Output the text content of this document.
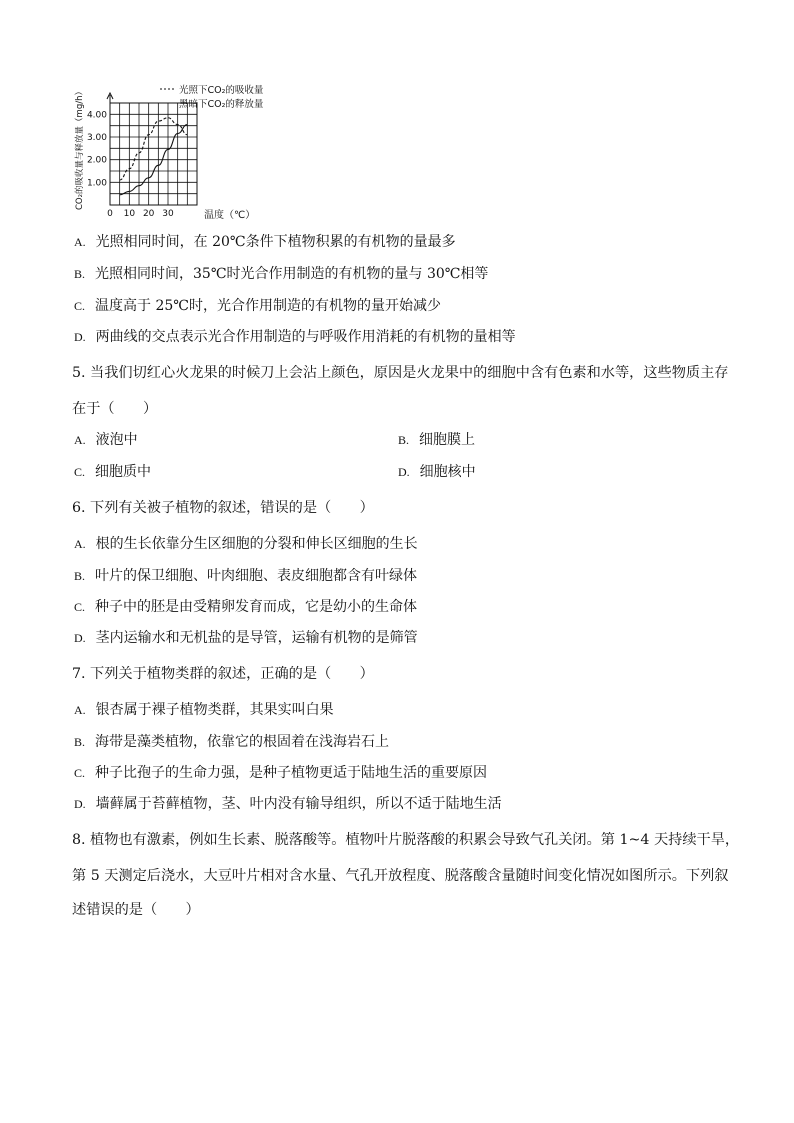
1.00
2.00
3.00
4.00
0 10 20 30
光照下CO₂的吸收量
黑暗下CO₂的释放量
温度（℃）
CO₂的吸收量与释放量（mg/h）
A. 光照相同时间，在 20℃条件下植物积累的有机物的量最多
B. 光照相同时间，35℃时光合作用制造的有机物的量与 30℃相等
C. 温度高于 25℃时，光合作用制造的有机物的量开始减少
D. 两曲线的交点表示光合作用制造的与呼吸作用消耗的有机物的量相等
5. 当我们切红心火龙果的时候刀上会沾上颜色，原因是火龙果中的细胞中含有色素和水等，这些物质主存
在于（　　）
A. 液泡中	B. 细胞膜上
C. 细胞质中	D. 细胞核中
6. 下列有关被子植物的叙述，错误的是（　　）
A. 根的生长依靠分生区细胞的分裂和伸长区细胞的生长
B. 叶片的保卫细胞、叶肉细胞、表皮细胞都含有叶绿体
C. 种子中的胚是由受精卵发育而成，它是幼小的生命体
D. 茎内运输水和无机盐的是导管，运输有机物的是筛管
7. 下列关于植物类群的叙述，正确的是（　　）
A. 银杏属于裸子植物类群，其果实叫白果
B. 海带是藻类植物，依靠它的根固着在浅海岩石上
C. 种子比孢子的生命力强，是种子植物更适于陆地生活的重要原因
D. 墙藓属于苔藓植物，茎、叶内没有输导组织，所以不适于陆地生活
8. 植物也有激素，例如生长素、脱落酸等。植物叶片脱落酸的积累会导致气孔关闭。第 1~4 天持续干旱，
第 5 天测定后浇水，大豆叶片相对含水量、气孔开放程度、脱落酸含量随时间变化情况如图所示。下列叙
述错误的是（　　）
